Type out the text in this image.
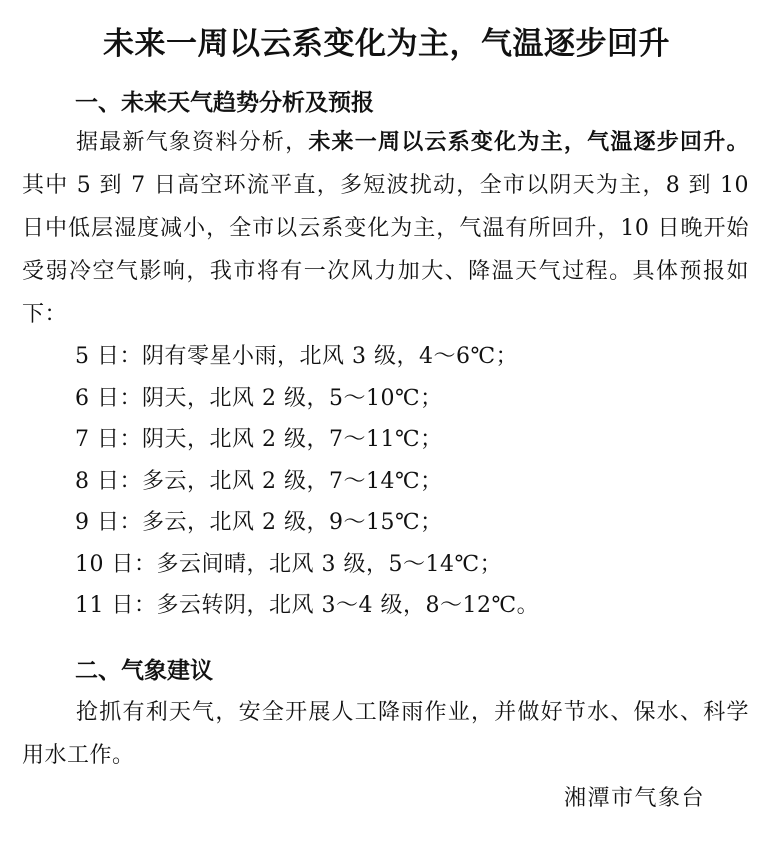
未来一周以云系变化为主，气温逐步回升
一、未来天气趋势分析及预报

据最新气象资料分析，未来一周以云系变化为主，气温逐步回升。其中 5 到 7 日高空环流平直，多短波扰动，全市以阴天为主，8 到 10 日中低层湿度减小，全市以云系变化为主，气温有所回升，10 日晚开始受弱冷空气影响，我市将有一次风力加大、降温天气过程。具体预报如下：

5 日：阴有零星小雨，北风 3 级，4～6℃；
6 日：阴天，北风 2 级，5～10℃；
7 日：阴天，北风 2 级，7～11℃；
8 日：多云，北风 2 级，7～14℃；
9 日：多云，北风 2 级，9～15℃；
10 日：多云间晴，北风 3 级，5～14℃；
11 日：多云转阴，北风 3～4 级，8～12℃。
二、气象建议

抢抓有利天气，安全开展人工降雨作业，并做好节水、保水、科学用水工作。

湘潭市气象台
